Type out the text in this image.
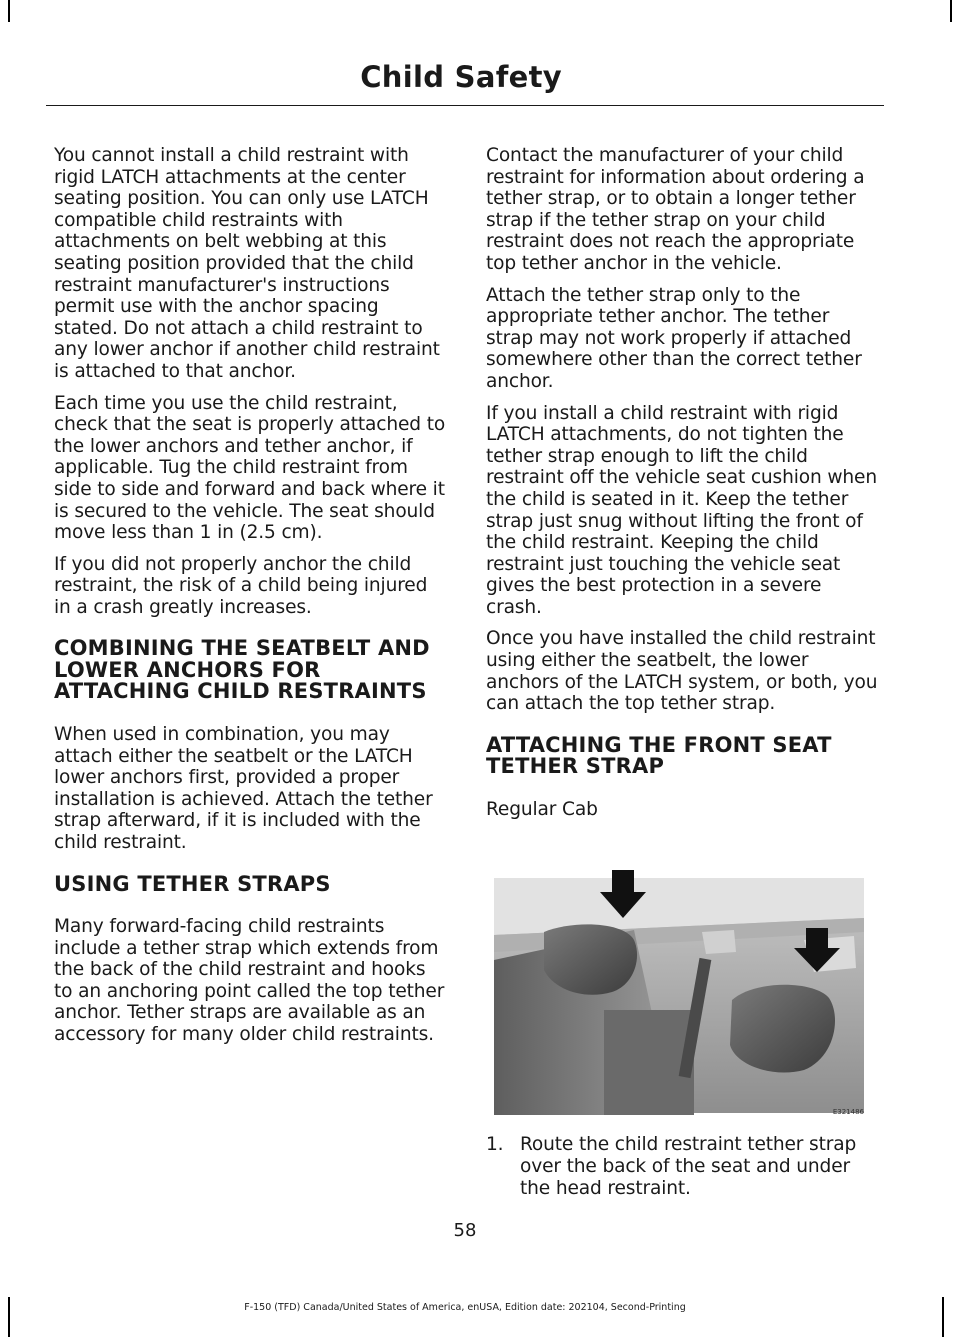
Child Safety

You cannot install a child restraint with rigid LATCH attachments at the center seating position. You can only use LATCH compatible child restraints with attachments on belt webbing at this seating position provided that the child restraint manufacturer's instructions permit use with the anchor spacing stated. Do not attach a child restraint to any lower anchor if another child restraint is attached to that anchor.

Each time you use the child restraint, check that the seat is properly attached to the lower anchors and tether anchor, if applicable. Tug the child restraint from side to side and forward and back where it is secured to the vehicle. The seat should move less than 1 in (2.5 cm).

If you did not properly anchor the child restraint, the risk of a child being injured in a crash greatly increases.

COMBINING THE SEATBELT AND LOWER ANCHORS FOR ATTACHING CHILD RESTRAINTS

When used in combination, you may attach either the seatbelt or the LATCH lower anchors first, provided a proper installation is achieved. Attach the tether strap afterward, if it is included with the child restraint.

USING TETHER STRAPS

Many forward-facing child restraints include a tether strap which extends from the back of the child restraint and hooks to an anchoring point called the top tether anchor. Tether straps are available as an accessory for many older child restraints.

Contact the manufacturer of your child restraint for information about ordering a tether strap, or to obtain a longer tether strap if the tether strap on your child restraint does not reach the appropriate top tether anchor in the vehicle.

Attach the tether strap only to the appropriate tether anchor. The tether strap may not work properly if attached somewhere other than the correct tether anchor.

If you install a child restraint with rigid LATCH attachments, do not tighten the tether strap enough to lift the child restraint off the vehicle seat cushion when the child is seated in it. Keep the tether strap just snug without lifting the front of the child restraint. Keeping the child restraint just touching the vehicle seat gives the best protection in a severe crash.

Once you have installed the child restraint using either the seatbelt, the lower anchors of the LATCH system, or both, you can attach the top tether strap.

ATTACHING THE FRONT SEAT TETHER STRAP

Regular Cab

E321486
1. Route the child restraint tether strap over the back of the seat and under the head restraint.
58
F-150 (TFD) Canada/United States of America, enUSA, Edition date: 202104, Second-Printing
